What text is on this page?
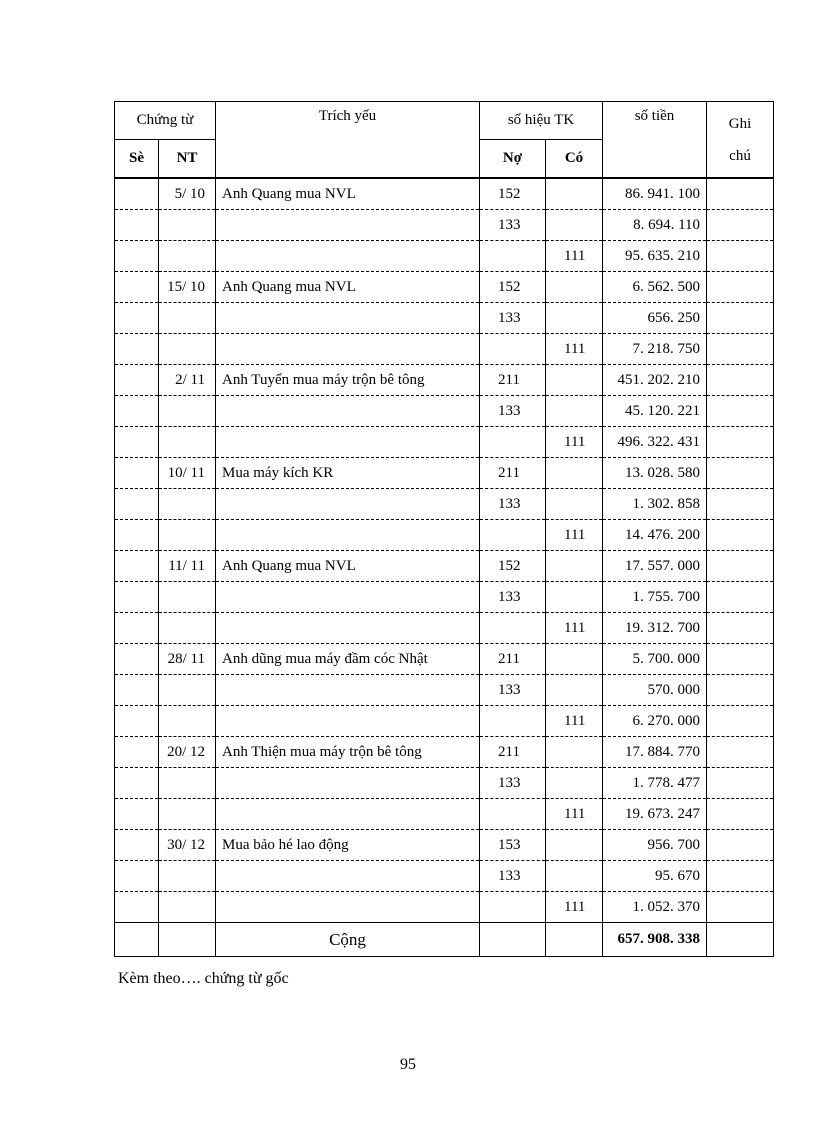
Chứng từ		Trích yếu	số hiệu TK		số tiền	Ghi chú
Sè	NT		Nợ	Có		
	5/ 10	Anh Quang mua NVL	152		86. 941. 100	
			133		8. 694. 110	
				111	95. 635. 210	
	15/ 10	Anh Quang mua NVL	152		6. 562. 500	
			133		656. 250	
				111	7. 218. 750	
	2/ 11	Anh Tuyển mua máy trộn bê tông	211		451. 202. 210	
			133		45. 120. 221	
				111	496. 322. 431	
	10/ 11	Mua máy kích KR	211		13. 028. 580	
			133		1. 302. 858	
				111	14. 476. 200	
	11/ 11	Anh Quang mua NVL	152		17. 557. 000	
			133		1. 755. 700	
				111	19. 312. 700	
	28/ 11	Anh dũng mua máy đầm cóc Nhật	211		5. 700. 000	
			133		570. 000	
				111	6. 270. 000	
	20/ 12	Anh Thiện mua máy trộn bê tông	211		17. 884. 770	
			133		1. 778. 477	
				111	19. 673. 247	
	30/ 12	Mua bảo hé lao động	153		956. 700	
			133		95. 670	
				111	1. 052. 370	
		Cộng			657. 908. 338	
Kèm theo…. chứng từ gốc
95
